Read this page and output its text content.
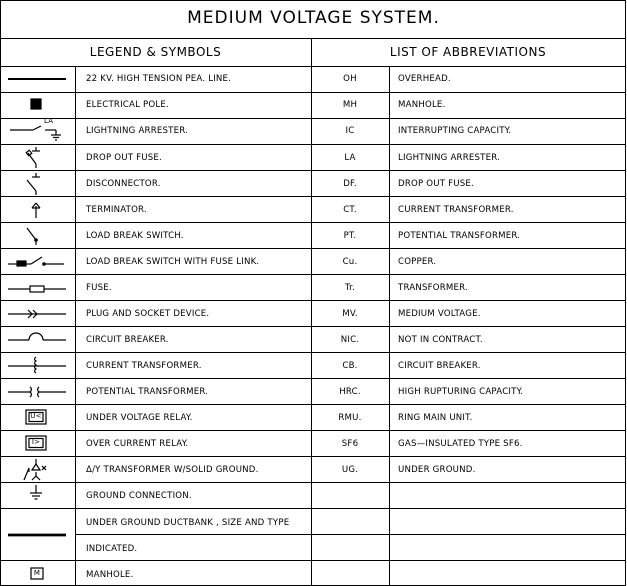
MEDIUM VOLTAGE SYSTEM.
LEGEND & SYMBOLS	LIST OF ABBREVIATIONS
LA
U<
I>
M
22 KV. HIGH TENSION PEA. LINE.
ELECTRICAL POLE.
LIGHTNING ARRESTER.
DROP OUT FUSE.
DISCONNECTOR.
TERMINATOR.
LOAD BREAK SWITCH.
LOAD BREAK SWITCH WITH FUSE LINK.
FUSE.
PLUG AND SOCKET DEVICE.
CIRCUIT BREAKER.
CURRENT TRANSFORMER.
POTENTIAL TRANSFORMER.
UNDER VOLTAGE RELAY.
OVER CURRENT RELAY.
Δ/Y TRANSFORMER W/SOLID GROUND.
GROUND CONNECTION.
UNDER GROUND DUCTBANK , SIZE AND TYPE
INDICATED.
MANHOLE.
OH
MH
IC
LA
DF.
CT.
PT.
Cu.
Tr.
MV.
NIC.
CB.
HRC.
RMU.
SF6
UG.
OVERHEAD.
MANHOLE.
INTERRUPTING CAPACITY.
LIGHTNING ARRESTER.
DROP OUT FUSE.
CURRENT TRANSFORMER.
POTENTIAL TRANSFORMER.
COPPER.
TRANSFORMER.
MEDIUM VOLTAGE.
NOT IN CONTRACT.
CIRCUIT BREAKER.
HIGH RUPTURING CAPACITY.
RING MAIN UNIT.
GAS—INSULATED TYPE SF6.
UNDER GROUND.
